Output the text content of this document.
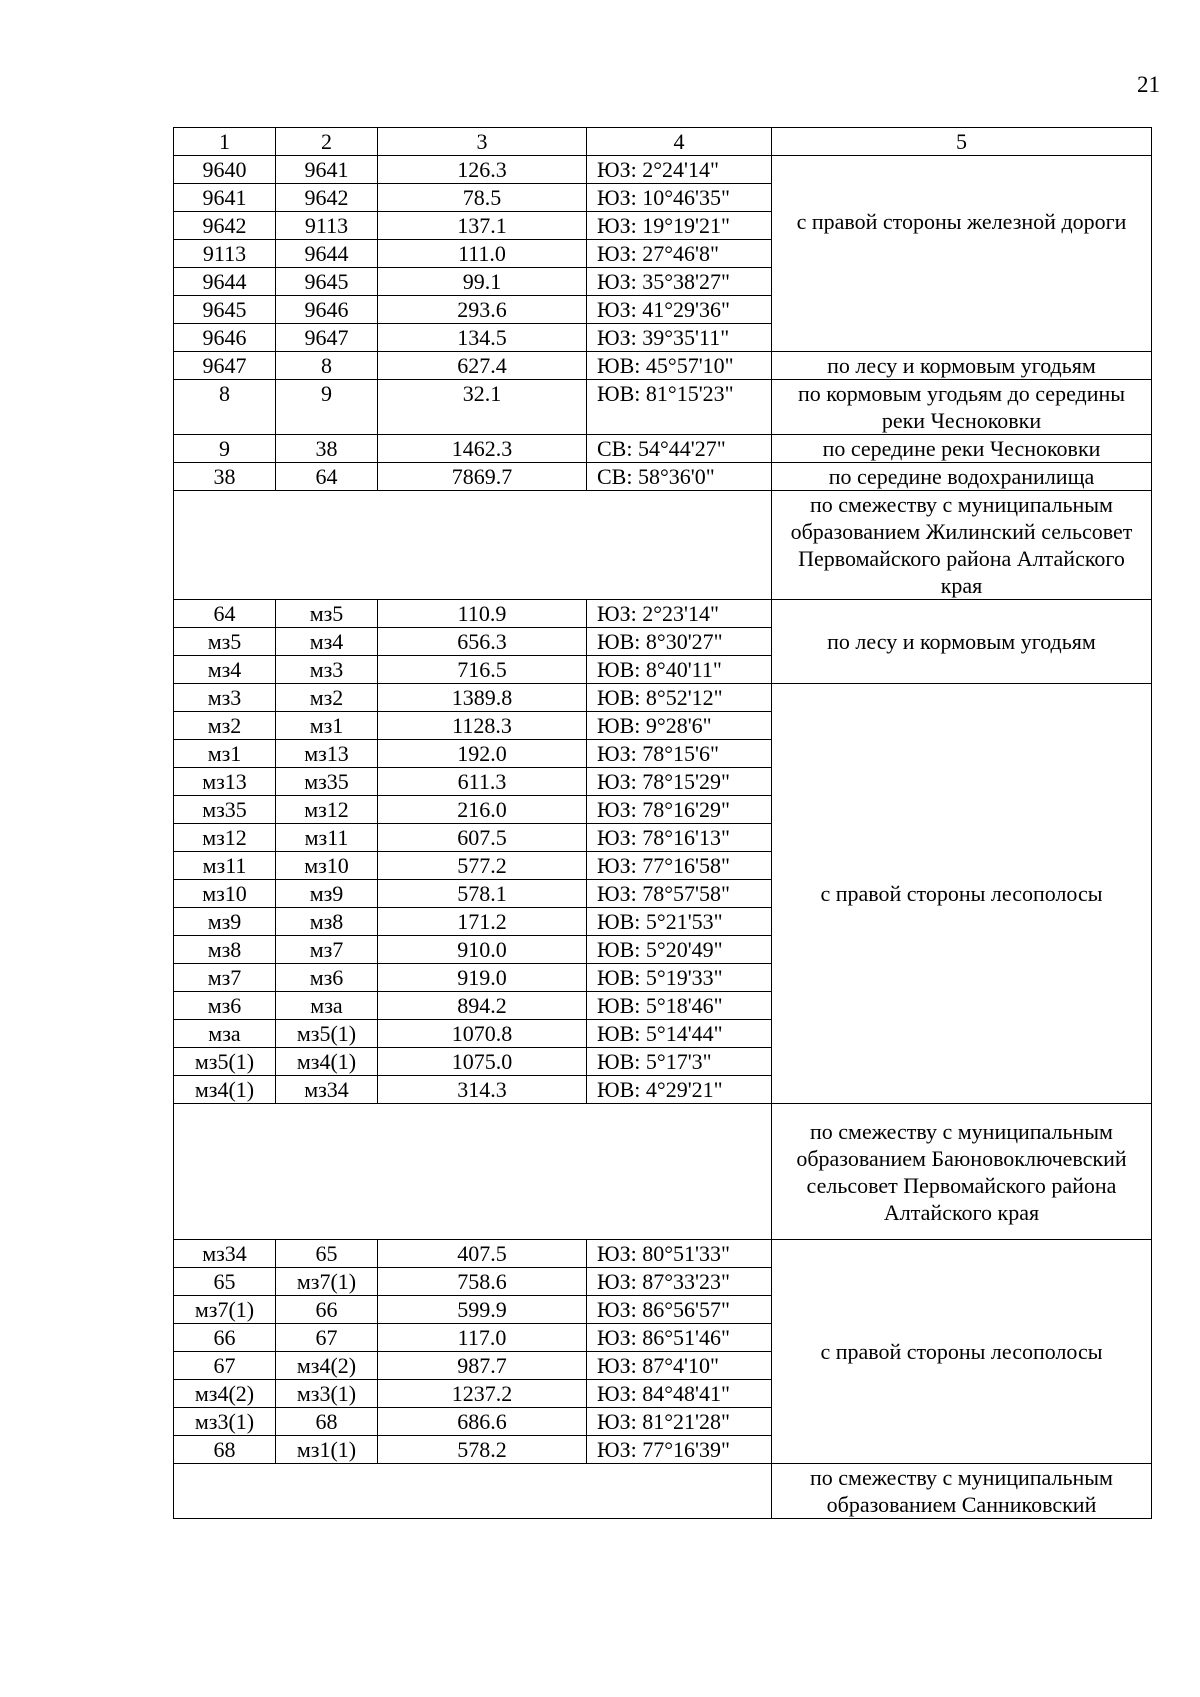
21
1	2	3	4	5
9640	9641	126.3	ЮЗ: 2°24'14"	с правой стороны железной дороги
9641	9642	78.5	ЮЗ: 10°46'35"	
9642	9113	137.1	ЮЗ: 19°19'21"	
9113	9644	111.0	ЮЗ: 27°46'8"	
9644	9645	99.1	ЮЗ: 35°38'27"	
9645	9646	293.6	ЮЗ: 41°29'36"	
9646	9647	134.5	ЮЗ: 39°35'11"	
9647	8	627.4	ЮВ: 45°57'10"	по лесу и кормовым угодьям
8	9	32.1	ЮВ: 81°15'23"	по кормовым угодьям до середины реки Чесноковки
9	38	1462.3	СВ: 54°44'27"	по середине реки Чесноковки
38	64	7869.7	СВ: 58°36'0"	по середине водохранилища
				по смежеству с муниципальным образованием Жилинский сельсовет Первомайского района Алтайского края
64	мз5	110.9	ЮЗ: 2°23'14"	по лесу и кормовым угодьям
мз5	мз4	656.3	ЮВ: 8°30'27"	
мз4	мз3	716.5	ЮВ: 8°40'11"	
мз3	мз2	1389.8	ЮВ: 8°52'12"	с правой стороны лесополосы
мз2	мз1	1128.3	ЮВ: 9°28'6"	
мз1	мз13	192.0	ЮЗ: 78°15'6"	
мз13	мз35	611.3	ЮЗ: 78°15'29"	
мз35	мз12	216.0	ЮЗ: 78°16'29"	
мз12	мз11	607.5	ЮЗ: 78°16'13"	
мз11	мз10	577.2	ЮЗ: 77°16'58"	
мз10	мз9	578.1	ЮЗ: 78°57'58"	
мз9	мз8	171.2	ЮВ: 5°21'53"	
мз8	мз7	910.0	ЮВ: 5°20'49"	
мз7	мз6	919.0	ЮВ: 5°19'33"	
мз6	мза	894.2	ЮВ: 5°18'46"	
мза	мз5(1)	1070.8	ЮВ: 5°14'44"	
мз5(1)	мз4(1)	1075.0	ЮВ: 5°17'3"	
мз4(1)	мз34	314.3	ЮВ: 4°29'21"	
				по смежеству с муниципальным образованием Баюновоключевский сельсовет Первомайского района Алтайского края
мз34	65	407.5	ЮЗ: 80°51'33"	с правой стороны лесополосы
65	мз7(1)	758.6	ЮЗ: 87°33'23"	
мз7(1)	66	599.9	ЮЗ: 86°56'57"	
66	67	117.0	ЮЗ: 86°51'46"	
67	мз4(2)	987.7	ЮЗ: 87°4'10"	
мз4(2)	мз3(1)	1237.2	ЮЗ: 84°48'41"	
мз3(1)	68	686.6	ЮЗ: 81°21'28"	
68	мз1(1)	578.2	ЮЗ: 77°16'39"	
				по смежеству с муниципальным образованием Санниковский
